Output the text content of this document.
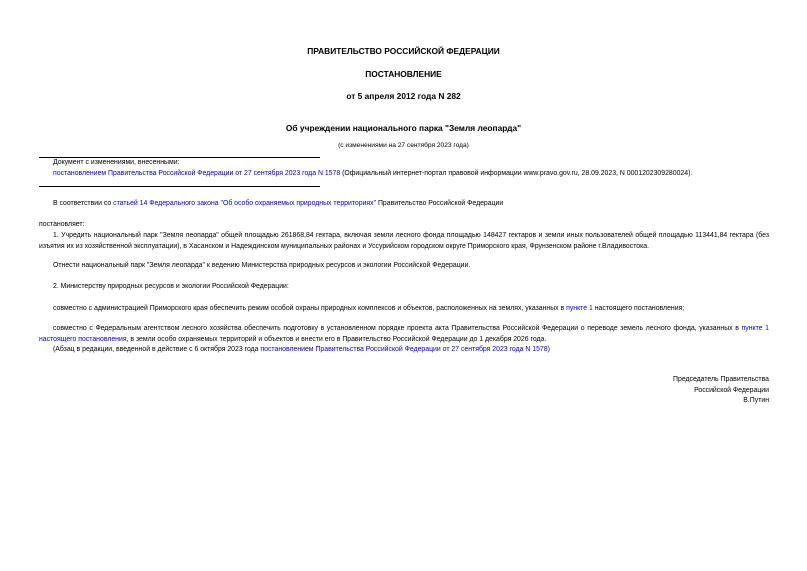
ПРАВИТЕЛЬСТВО РОССИЙСКОЙ ФЕДЕРАЦИИ
ПОСТАНОВЛЕНИЕ
от 5 апреля 2012 года N 282
Об учреждении национального парка "Земля леопарда"
(с изменениями на 27 сентября 2023 года)
Документ с изменениями, внесенными:
постановлением Правительства Российской Федерации от 27 сентября 2023 года N 1578 (Официальный интернет-портал правовой информации www.pravo.gov.ru, 28.09.2023, N 0001202309280024).
В соответствии со статьей 14 Федерального закона "Об особо охраняемых природных территориях" Правительство Российской Федерации
постановляет:
1. Учредить национальный парк "Земля леопарда" общей площадью 261868,84 гектара, включая земли лесного фонда площадью 148427 гектаров и земли иных пользователей общей площадью 113441,84 гектара (без изъятия их из хозяйственной эксплуатации), в Хасанском и Надеждинском муниципальных районах и Уссурийском городском округе Приморского края, Фрунзенском районе г.Владивостока.
Отнести национальный парк "Земля леопарда" к ведению Министерства природных ресурсов и экологии Российской Федерации.
2. Министерству природных ресурсов и экологии Российской Федерации:
совместно с администрацией Приморского края обеспечить режим особой охраны природных комплексов и объектов, расположенных на землях, указанных в пункте 1 настоящего постановления;
совместно с Федеральным агентством лесного хозяйства обеспечить подготовку в установленном порядке проекта акта Правительства Российской Федерации о переводе земель лесного фонда, указанных в пункте 1 настоящего постановления, в земли особо охраняемых территорий и объектов и внести его в Правительство Российской Федерации до 1 декабря 2026 года.
(Абзац в редакции, введенной в действие с 6 октября 2023 года постановлением Правительства Российской Федерации от 27 сентября 2023 года N 1578)
Председатель Правительства
Российской Федерации
В.Путин
